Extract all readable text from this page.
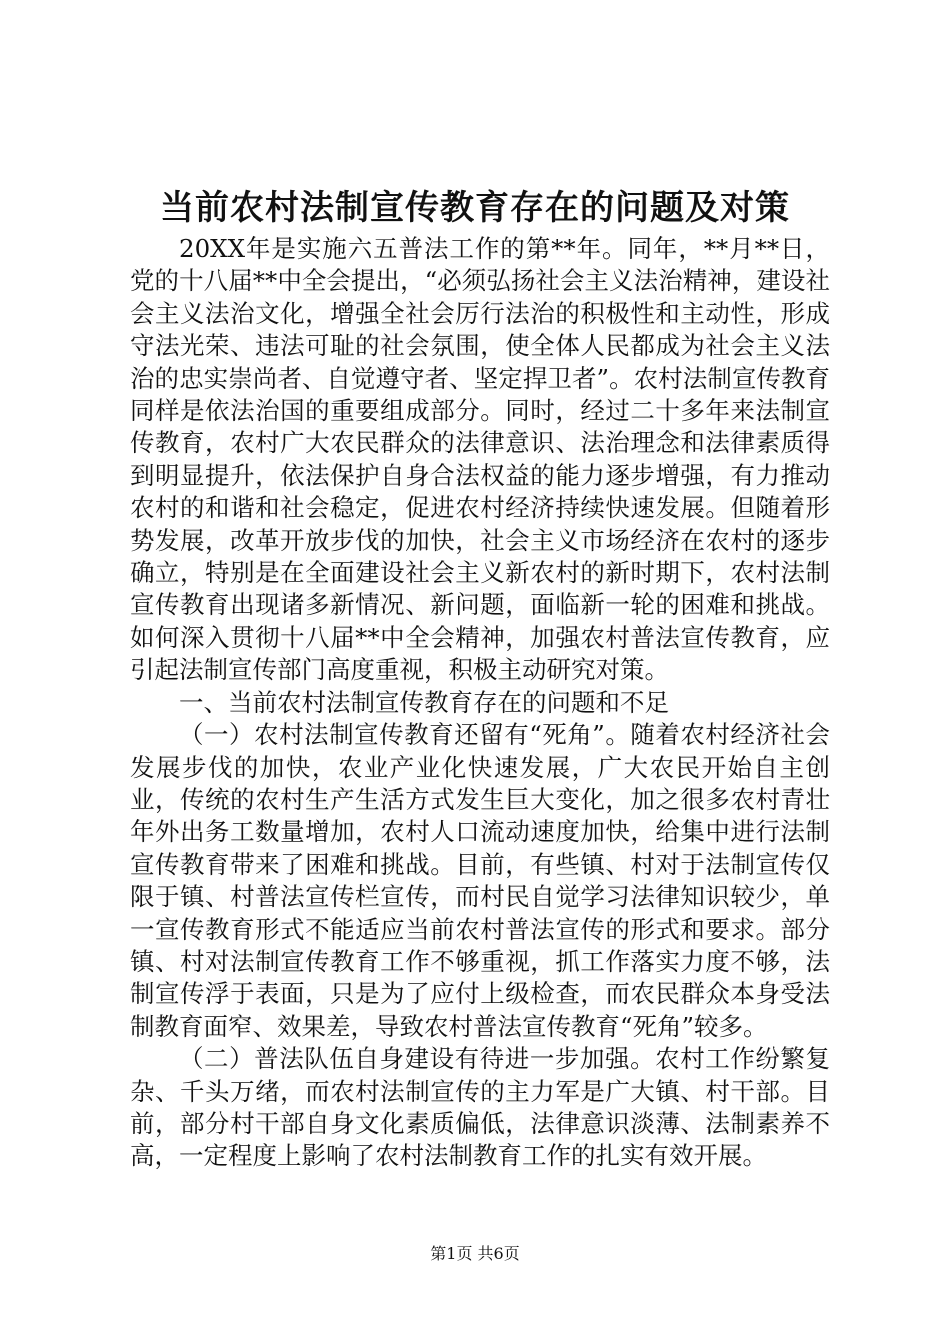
当前农村法制宣传教育存在的问题及对策

20XX年是实施六五普法工作的第**年。同年，**月**日，党的十八届**中全会提出，“必须弘扬社会主义法治精神，建设社会主义法治文化，增强全社会厉行法治的积极性和主动性，形成守法光荣、违法可耻的社会氛围，使全体人民都成为社会主义法治的忠实崇尚者、自觉遵守者、坚定捍卫者”。农村法制宣传教育同样是依法治国的重要组成部分。同时，经过二十多年来法制宣传教育，农村广大农民群众的法律意识、法治理念和法律素质得到明显提升，依法保护自身合法权益的能力逐步增强，有力推动农村的和谐和社会稳定，促进农村经济持续快速发展。但随着形势发展，改革开放步伐的加快，社会主义市场经济在农村的逐步确立，特别是在全面建设社会主义新农村的新时期下，农村法制宣传教育出现诸多新情况、新问题，面临新一轮的困难和挑战。如何深入贯彻十八届**中全会精神，加强农村普法宣传教育，应引起法制宣传部门高度重视，积极主动研究对策。

一、当前农村法制宣传教育存在的问题和不足

（一）农村法制宣传教育还留有“死角”。随着农村经济社会发展步伐的加快，农业产业化快速发展，广大农民开始自主创业，传统的农村生产生活方式发生巨大变化，加之很多农村青壮年外出务工数量增加，农村人口流动速度加快，给集中进行法制宣传教育带来了困难和挑战。目前，有些镇、村对于法制宣传仅限于镇、村普法宣传栏宣传，而村民自觉学习法律知识较少，单一宣传教育形式不能适应当前农村普法宣传的形式和要求。部分镇、村对法制宣传教育工作不够重视，抓工作落实力度不够，法制宣传浮于表面，只是为了应付上级检查，而农民群众本身受法制教育面窄、效果差，导致农村普法宣传教育“死角”较多。

（二）普法队伍自身建设有待进一步加强。农村工作纷繁复杂、千头万绪，而农村法制宣传的主力军是广大镇、村干部。目前，部分村干部自身文化素质偏低，法律意识淡薄、法制素养不高，一定程度上影响了农村法制教育工作的扎实有效开展。

第1页 共6页
